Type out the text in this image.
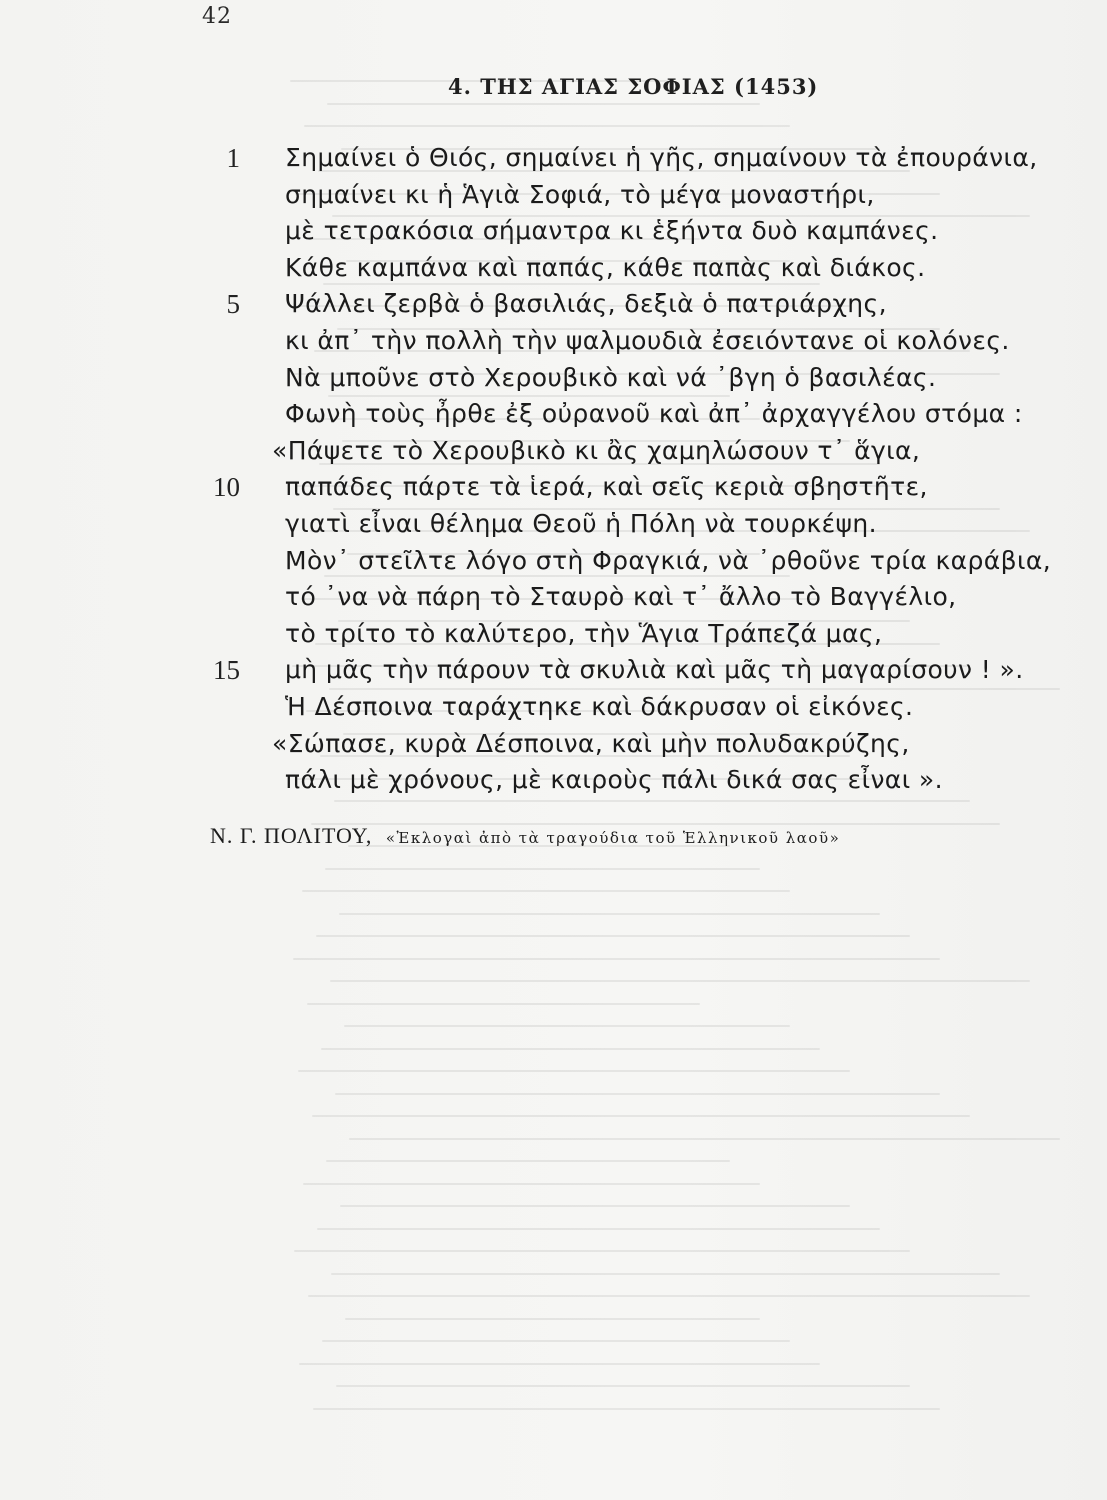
42
4. ΤΗΣ ΑΓΙΑΣ ΣΟΦΙΑΣ (1453)
1 Σημαίνει ὁ Θιός, σημαίνει ἡ γῆς, σημαίνουν τὰ ἐπουράνια,
σημαίνει κι ἡ Ἁγιὰ Σοφιά, τὸ μέγα μοναστήρι,
μὲ τετρακόσια σήμαντρα κι ἑξήντα δυὸ καμπάνες.
Κάθε καμπάνα καὶ παπάς, κάθε παπὰς καὶ διάκος.
5 Ψάλλει ζερβὰ ὁ βασιλιάς, δεξιὰ ὁ πατριάρχης,
κι ἀπ᾽ τὴν πολλὴ τὴν ψαλμουδιὰ ἐσειόντανε οἱ κολόνες.
Νὰ μποῦνε στὸ Χερουβικὸ καὶ νά ᾽βγη ὁ βασιλέας.
Φωνὴ τοὺς ἦρθε ἐξ οὐρανοῦ καὶ ἀπ᾽ ἀρχαγγέλου στόμα :
«Πάψετε τὸ Χερουβικὸ κι ἂς χαμηλώσουν τ᾽ ἅγια,
10 παπάδες πάρτε τὰ ἱερά, καὶ σεῖς κεριὰ σβηστῆτε,
γιατὶ εἶναι θέλημα Θεοῦ ἡ Πόλη νὰ τουρκέψη.
Μὸν᾽ στεῖλτε λόγο στὴ Φραγκιά, νὰ ᾽ρθοῦνε τρία καράβια,
τό ᾽να νὰ πάρη τὸ Σταυρὸ καὶ τ᾽ ἄλλο τὸ Βαγγέλιο,
τὸ τρίτο τὸ καλύτερο, τὴν Ἅγια Τράπεζά μας,
15 μὴ μᾶς τὴν πάρουν τὰ σκυλιὰ καὶ μᾶς τὴ μαγαρίσουν ! ».
Ἡ Δέσποινα ταράχτηκε καὶ δάκρυσαν οἱ εἰκόνες.
«Σώπασε, κυρὰ Δέσποινα, καὶ μὴν πολυδακρύζης,
πάλι μὲ χρόνους, μὲ καιροὺς πάλι δικά σας εἶναι ».
Ν. Γ. ΠΟΛΙΤΟΥ, «Ἐκλογαὶ ἀπὸ τὰ τραγούδια τοῦ Ἑλληνικοῦ λαοῦ»
